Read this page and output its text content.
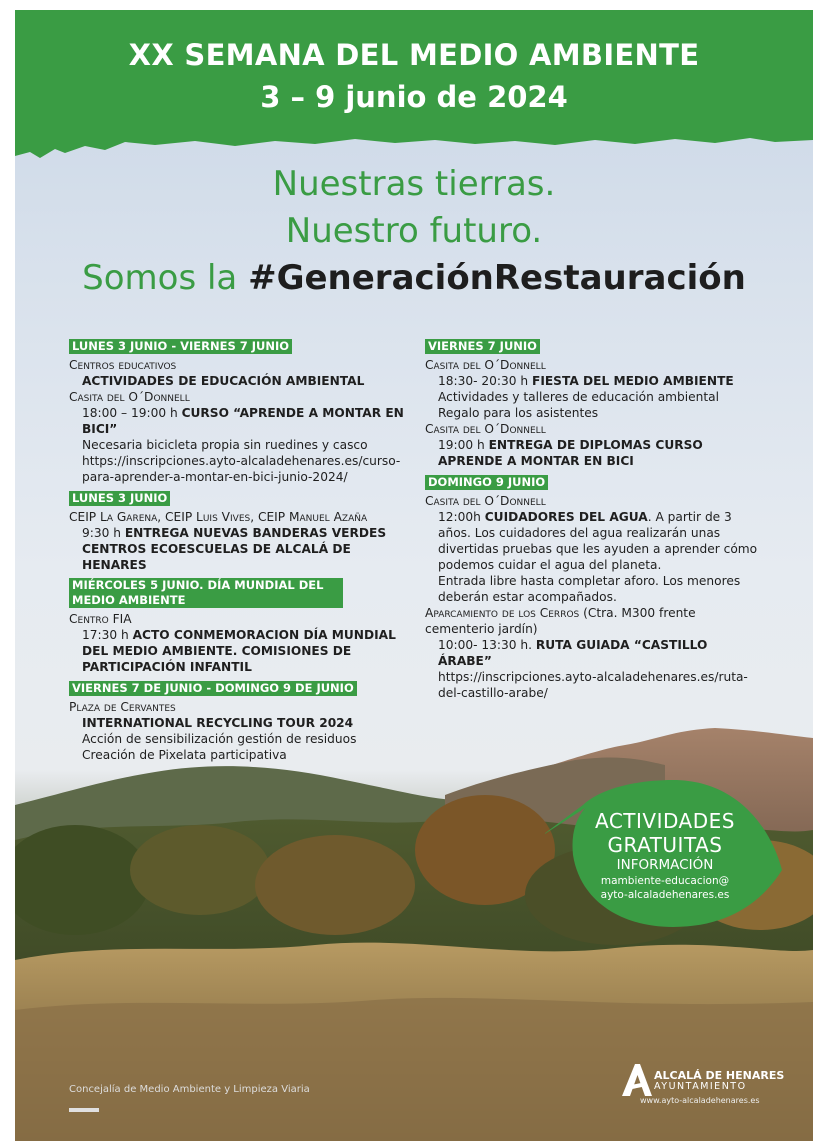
XX SEMANA DEL MEDIO AMBIENTE
3 – 9 junio de 2024
Nuestras tierras.
Nuestro futuro.
Somos la #GeneraciónRestauración
LUNES 3 JUNIO - VIERNES 7 JUNIO
Centros educativos
ACTIVIDADES DE EDUCACIÓN AMBIENTAL
Casita del O´Donnell
18:00 – 19:00 h CURSO “APRENDE A MONTAR EN BICI”
Necesaria bicicleta propia sin ruedines y casco
https://inscripciones.ayto-alcaladehenares.es/curso-para-aprender-a-montar-en-bici-junio-2024/
LUNES 3 JUNIO
CEIP La Garena, CEIP Luis Vives, CEIP Manuel Azaña
9:30 h ENTREGA NUEVAS BANDERAS VERDES CENTROS ECOESCUELAS DE ALCALÁ DE HENARES
MIÉRCOLES 5 JUNIO. DÍA MUNDIAL DEL MEDIO AMBIENTE
Centro FIA
17:30 h ACTO CONMEMORACION DÍA MUNDIAL DEL MEDIO AMBIENTE. COMISIONES DE PARTICIPACIÓN INFANTIL
VIERNES 7 DE JUNIO - DOMINGO 9 DE JUNIO
Plaza de Cervantes
INTERNATIONAL RECYCLING TOUR 2024
Acción de sensibilización gestión de residuos
Creación de Pixelata participativa
VIERNES 7 JUNIO
Casita del O´Donnell
18:30- 20:30 h FIESTA DEL MEDIO AMBIENTE
Actividades y talleres de educación ambiental
Regalo para los asistentes
Casita del O´Donnell
19:00 h ENTREGA DE DIPLOMAS CURSO APRENDE A MONTAR EN BICI
DOMINGO 9 JUNIO
Casita del O´Donnell
12:00h CUIDADORES DEL AGUA. A partir de 3 años. Los cuidadores del agua realizarán unas divertidas pruebas que les ayuden a aprender cómo podemos cuidar el agua del planeta.
Entrada libre hasta completar aforo. Los menores deberán estar acompañados.
Aparcamiento de los Cerros (Ctra. M300 frente cementerio jardín)
10:00- 13:30 h. RUTA GUIADA “CASTILLO ÁRABE”
https://inscripciones.ayto-alcaladehenares.es/ruta-del-castillo-arabe/
ACTIVIDADES
GRATUITAS
INFORMACIÓN
mambiente-educacion@
ayto-alcaladehenares.es
Concejalía de Medio Ambiente y Limpieza Viaria
ALCALÁ DE HENARES
AYUNTAMIENTO
www.ayto-alcaladehenares.es
